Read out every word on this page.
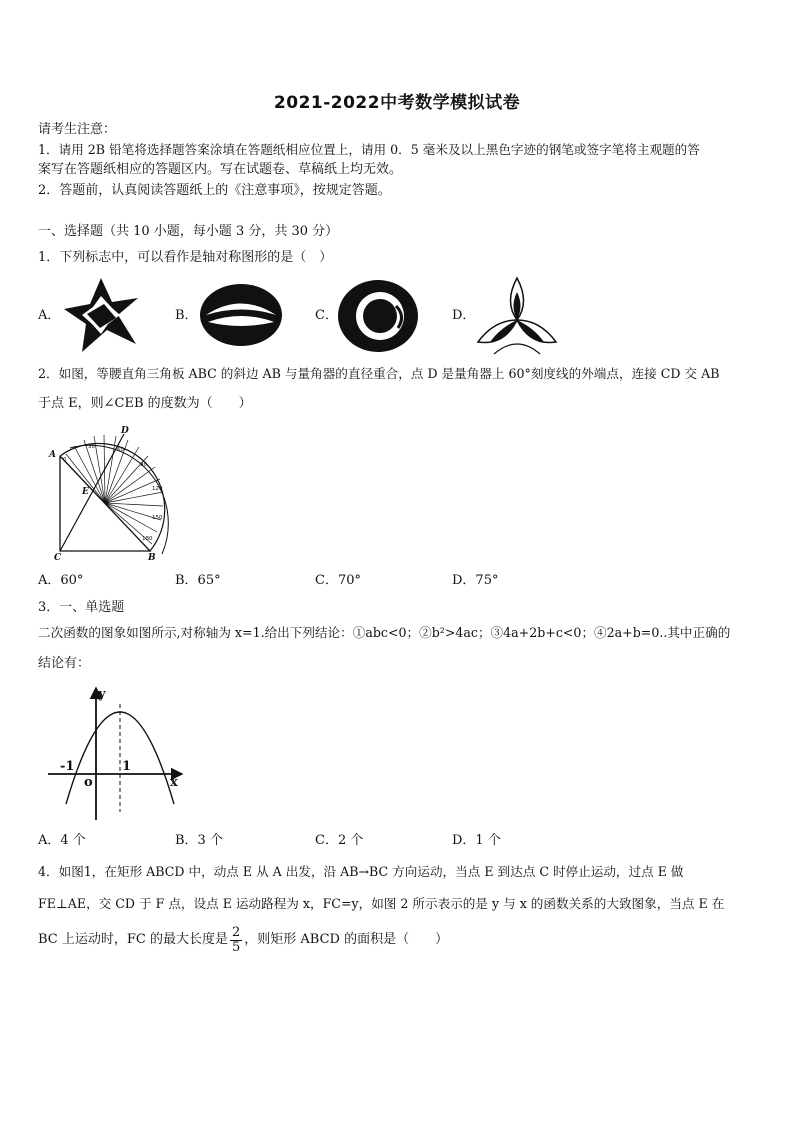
2021-2022中考数学模拟试卷
请考生注意：
1．请用 2B 铅笔将选择题答案涂填在答题纸相应位置上，请用 0．5 毫米及以上黑色字迹的钢笔或签字笔将主观题的答
案写在答题纸相应的答题区内。写在试题卷、草稿纸上均无效。
2．答题前，认真阅读答题纸上的《注意事项》，按规定答题。
一、选择题（共 10 小题，每小题 3 分，共 30 分）
1．下列标志中，可以看作是轴对称图形的是（　）
A．	B．	C．	D．
2．如图，等腰直角三角板 ABC 的斜边 AB 与量角器的直径重合，点 D 是量角器上 60°刻度线的外端点，连接 CD 交 AB
于点 E，则∠CEB 的度数为（　　）
A
B
C
D
E
0
30	60
90
120
150
180
A．60°	B．65°	C．70°	D．75°
3．一、单选题
二次函数的图象如图所示,对称轴为 x=1.给出下列结论：①abc<0；②b²>4ac；③4a+2b+c<0；④2a+b=0..其中正确的
结论有：
y
x
-1
o
1
A．4 个	B．3 个	C．2 个	D．1 个
4．如图1，在矩形 ABCD 中，动点 E 从 A 出发，沿 AB→BC 方向运动，当点 E 到达点 C 时停止运动，过点 E 做
FE⊥AE，交 CD 于 F 点，设点 E 运动路程为 x，FC=y，如图 2 所示表示的是 y 与 x 的函数关系的大致图象，当点 E 在
BC 上运动时，FC 的最大长度是 $\frac{2}{5}$ ，则矩形 ABCD 的面积是（　　）
